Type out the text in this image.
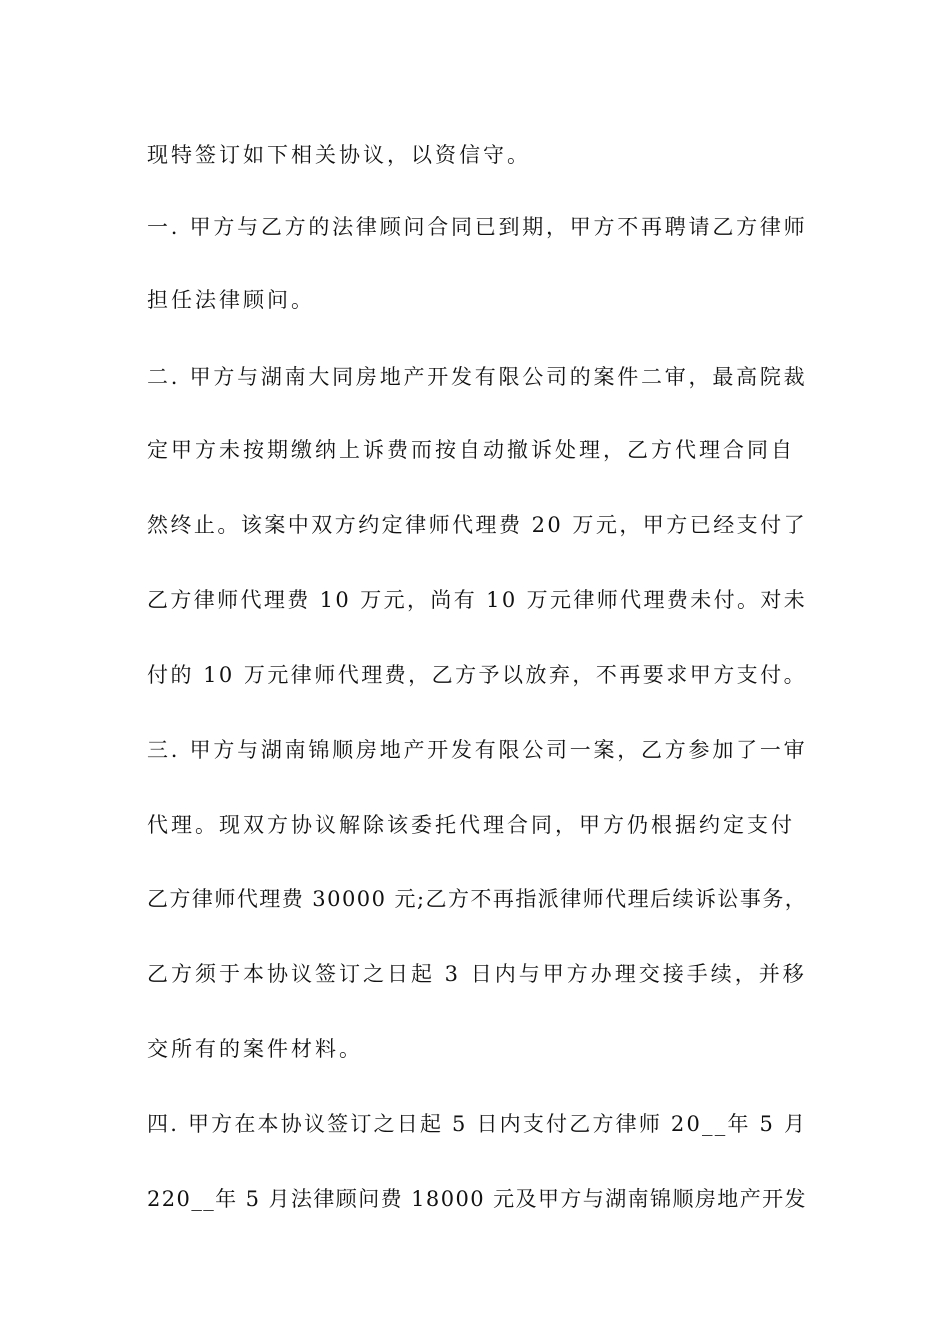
现特签订如下相关协议，以资信守。
一. 甲方与乙方的法律顾问合同已到期，甲方不再聘请乙方律师
担任法律顾问。
二. 甲方与湖南大同房地产开发有限公司的案件二审，最高院裁
定甲方未按期缴纳上诉费而按自动撤诉处理，乙方代理合同自
然终止。该案中双方约定律师代理费 20 万元，甲方已经支付了
乙方律师代理费 10 万元，尚有 10 万元律师代理费未付。对未
付的 10 万元律师代理费，乙方予以放弃，不再要求甲方支付。
三. 甲方与湖南锦顺房地产开发有限公司一案，乙方参加了一审
代理。现双方协议解除该委托代理合同，甲方仍根据约定支付
乙方律师代理费 30000 元;乙方不再指派律师代理后续诉讼事务，
乙方须于本协议签订之日起 3 日内与甲方办理交接手续，并移
交所有的案件材料。
四. 甲方在本协议签订之日起 5 日内支付乙方律师 20__年 5 月
220__年 5 月法律顾问费 18000 元及甲方与湖南锦顺房地产开发
